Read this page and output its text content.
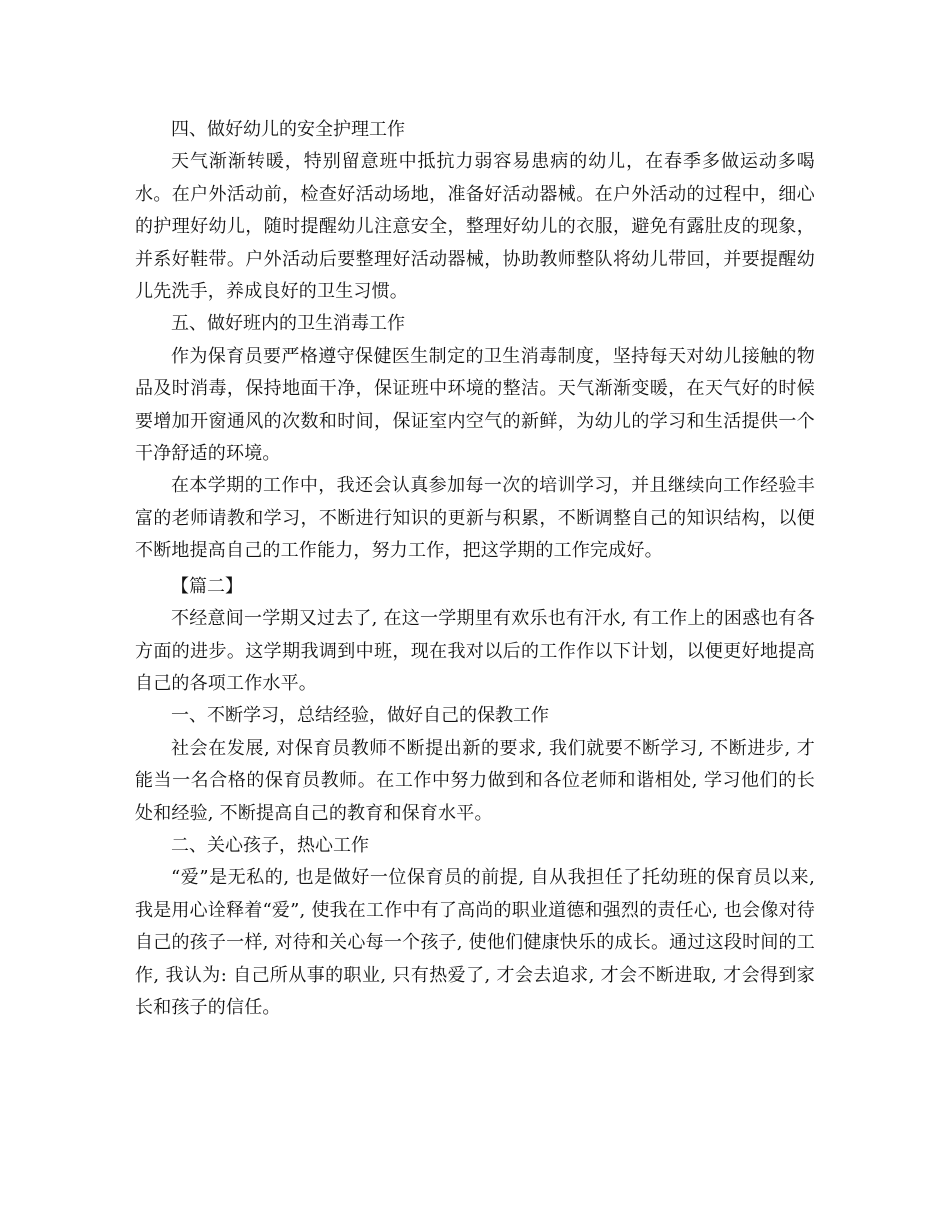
四、做好幼儿的安全护理工作

天气渐渐转暖，特别留意班中抵抗力弱容易患病的幼儿，在春季多做运动多喝水。在户外活动前，检查好活动场地，准备好活动器械。在户外活动的过程中，细心的护理好幼儿，随时提醒幼儿注意安全，整理好幼儿的衣服，避免有露肚皮的现象，并系好鞋带。户外活动后要整理好活动器械，协助教师整队将幼儿带回，并要提醒幼儿先洗手，养成良好的卫生习惯。

五、做好班内的卫生消毒工作

作为保育员要严格遵守保健医生制定的卫生消毒制度，坚持每天对幼儿接触的物品及时消毒，保持地面干净，保证班中环境的整洁。天气渐渐变暖，在天气好的时候要增加开窗通风的次数和时间，保证室内空气的新鲜，为幼儿的学习和生活提供一个干净舒适的环境。

在本学期的工作中，我还会认真参加每一次的培训学习，并且继续向工作经验丰富的老师请教和学习，不断进行知识的更新与积累，不断调整自己的知识结构，以便不断地提高自己的工作能力，努力工作，把这学期的工作完成好。

【篇二】

不经意间一学期又过去了, 在这一学期里有欢乐也有汗水, 有工作上的困惑也有各方面的进步。这学期我调到中班，现在我对以后的工作作以下计划，以便更好地提高自己的各项工作水平。

一、不断学习，总结经验，做好自己的保教工作

社会在发展, 对保育员教师不断提出新的要求, 我们就要不断学习, 不断进步, 才能当一名合格的保育员教师。在工作中努力做到和各位老师和谐相处, 学习他们的长处和经验, 不断提高自己的教育和保育水平。

二、关心孩子，热心工作

“爱”是无私的, 也是做好一位保育员的前提, 自从我担任了托幼班的保育员以来, 我是用心诠释着“爱”, 使我在工作中有了高尚的职业道德和强烈的责任心, 也会像对待自己的孩子一样, 对待和关心每一个孩子, 使他们健康快乐的成长。通过这段时间的工作, 我认为: 自己所从事的职业, 只有热爱了, 才会去追求, 才会不断进取, 才会得到家长和孩子的信任。
